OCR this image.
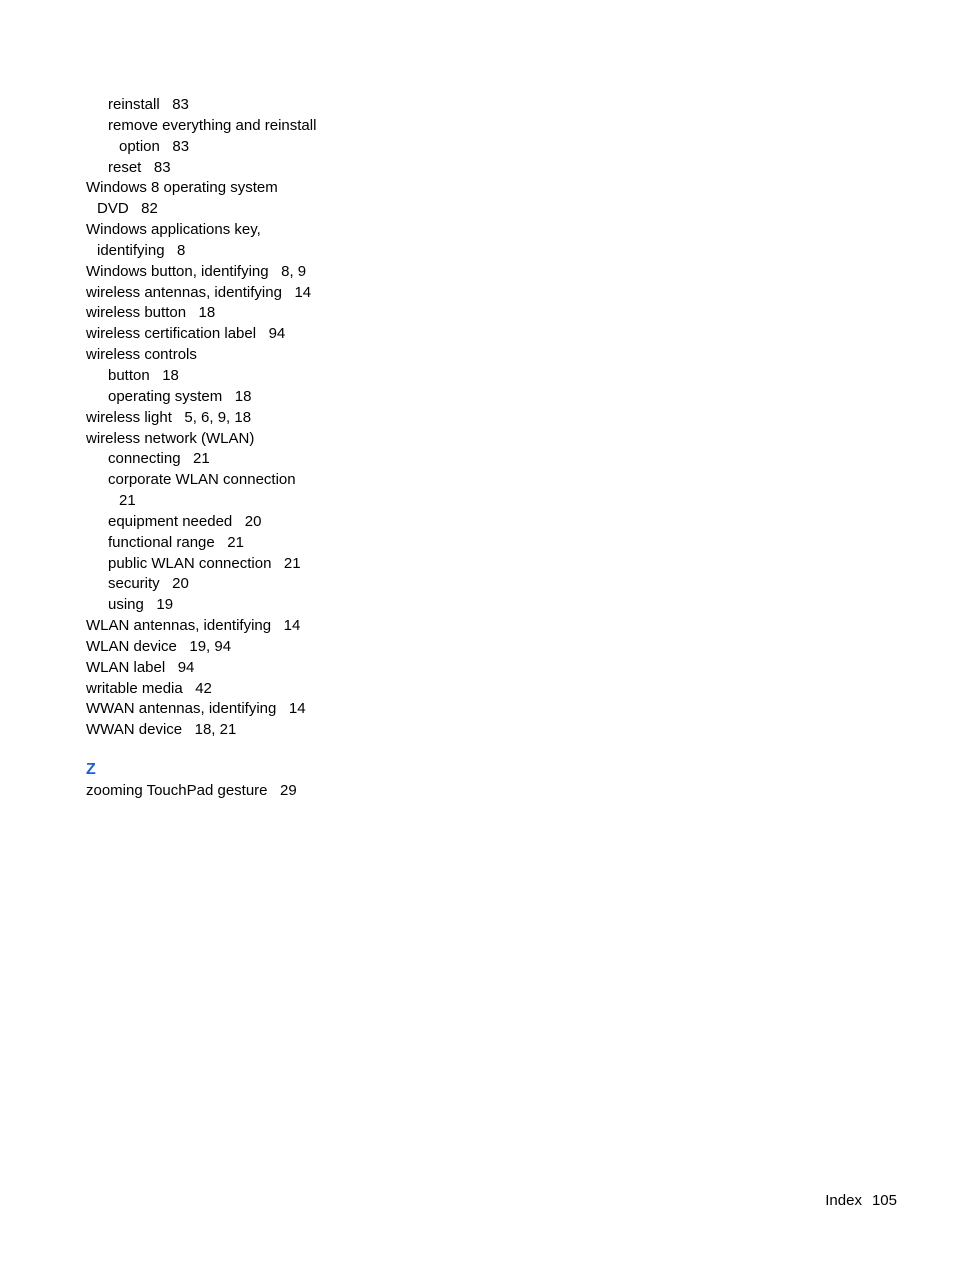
reinstall   83
remove everything and reinstall
option   83
reset   83
Windows 8 operating system
DVD   82
Windows applications key,
identifying   8
Windows button, identifying   8, 9
wireless antennas, identifying   14
wireless button   18
wireless certification label   94
wireless controls
button   18
operating system   18
wireless light   5, 6, 9, 18
wireless network (WLAN)
connecting   21
corporate WLAN connection
21
equipment needed   20
functional range   21
public WLAN connection   21
security   20
using   19
WLAN antennas, identifying   14
WLAN device   19, 94
WLAN label   94
writable media   42
WWAN antennas, identifying   14
WWAN device   18, 21
Z
zooming TouchPad gesture   29
Index 105
